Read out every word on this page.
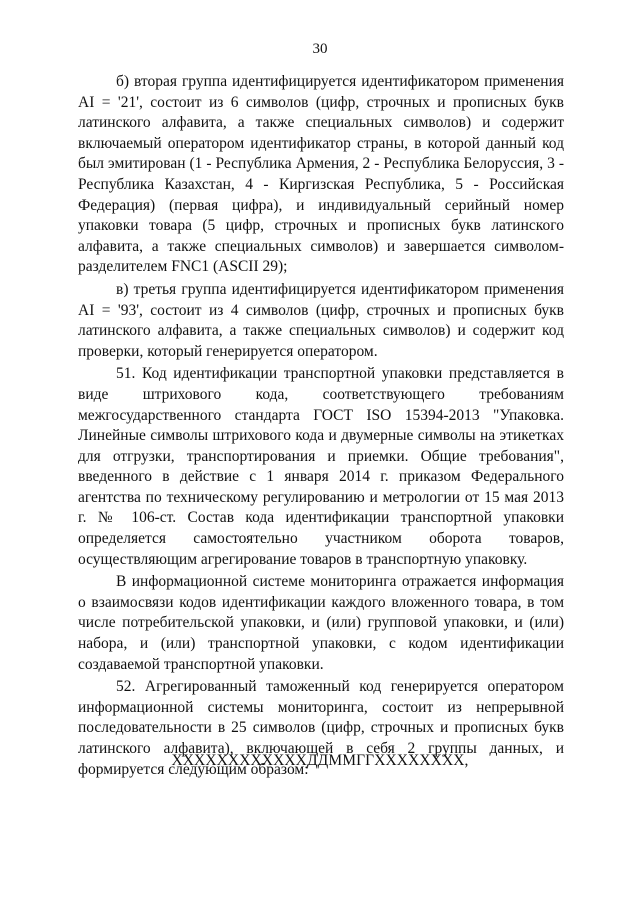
30

б) вторая группа идентифицируется идентификатором применения AI = '21', состоит из 6 символов (цифр, строчных и прописных букв латинского алфавита, а также специальных символов) и содержит включаемый оператором идентификатор страны, в которой данный код был эмитирован (1 - Республика Армения, 2 - Республика Белоруссия, 3 - Республика Казахстан, 4 - Киргизская Республика, 5 - Российская Федерация) (первая цифра), и индивидуальный серийный номер упаковки товара (5 цифр, строчных и прописных букв латинского алфавита, а также специальных символов) и завершается символом-разделителем FNC1 (ASCII 29);

в) третья группа идентифицируется идентификатором применения AI = '93', состоит из 4 символов (цифр, строчных и прописных букв латинского алфавита, а также специальных символов) и содержит код проверки, который генерируется оператором.

51. Код идентификации транспортной упаковки представляется в виде штрихового кода, соответствующего требованиям межгосударственного стандарта ГОСТ ISO 15394-2013 "Упаковка. Линейные символы штрихового кода и двумерные символы на этикетках для отгрузки, транспортирования и приемки. Общие требования", введенного в действие с 1 января 2014 г. приказом Федерального агентства по техническому регулированию и метрологии от 15 мая 2013 г. № 106-ст. Состав кода идентификации транспортной упаковки определяется самостоятельно участником оборота товаров, осуществляющим агрегирование товаров в транспортную упаковку.

В информационной системе мониторинга отражается информация о взаимосвязи кодов идентификации каждого вложенного товара, в том числе потребительской упаковки, и (или) групповой упаковки, и (или) набора, и (или) транспортной упаковки, с кодом идентификации создаваемой транспортной упаковки.

52. Агрегированный таможенный код генерируется оператором информационной системы мониторинга, состоит из непрерывной последовательности в 25 символов (цифр, строчных и прописных букв латинского алфавита), включающей в себя 2 группы данных, и формируется следующим образом:

XXXXXXXXXXXXДДММГГXXXXXXXX,
